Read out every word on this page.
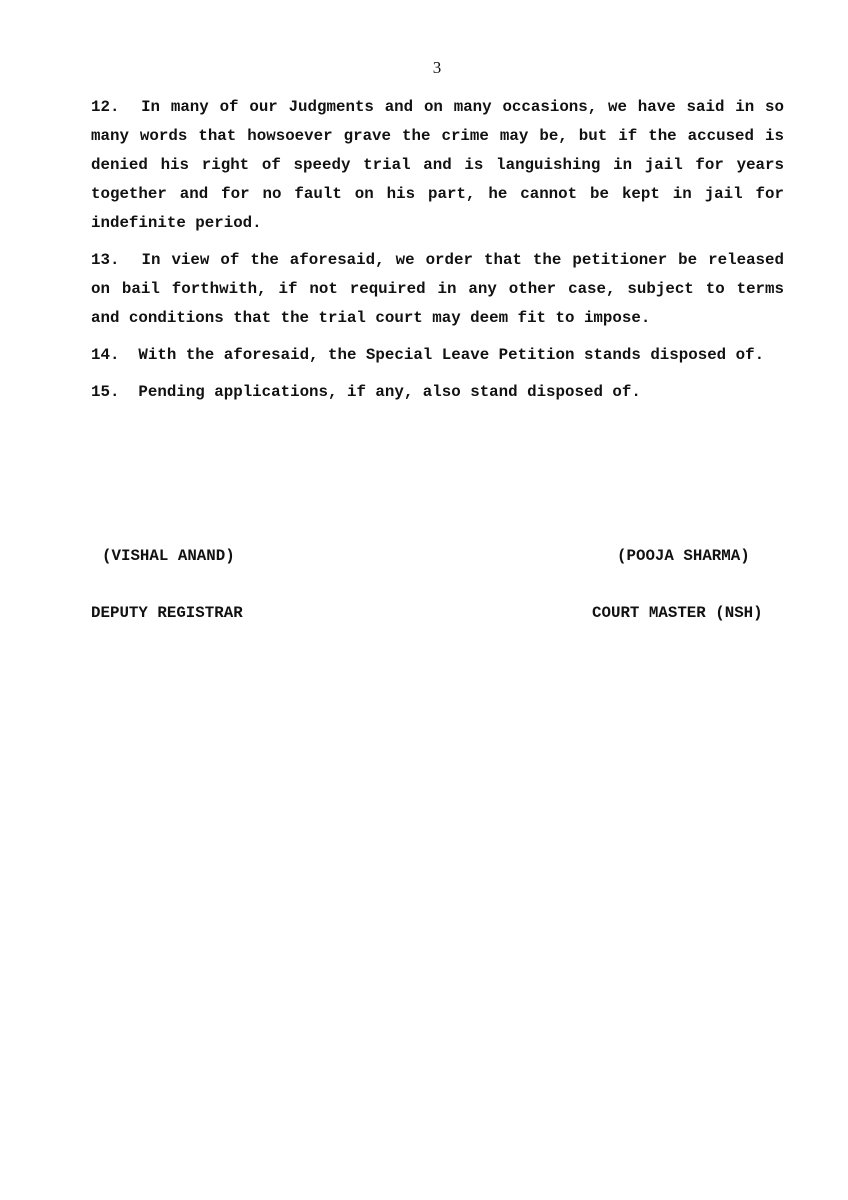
3

12. In many of our Judgments and on many occasions, we have said in so many words that howsoever grave the crime may be, but if the accused is denied his right of speedy trial and is languishing in jail for years together and for no fault on his part, he cannot be kept in jail for indefinite period.

13. In view of the aforesaid, we order that the petitioner be released on bail forthwith, if not required in any other case, subject to terms and conditions that the trial court may deem fit to impose.

14. With the aforesaid, the Special Leave Petition stands disposed of.

15. Pending applications, if any, also stand disposed of.

(VISHAL ANAND)

DEPUTY REGISTRAR

(POOJA SHARMA)

COURT MASTER (NSH)
